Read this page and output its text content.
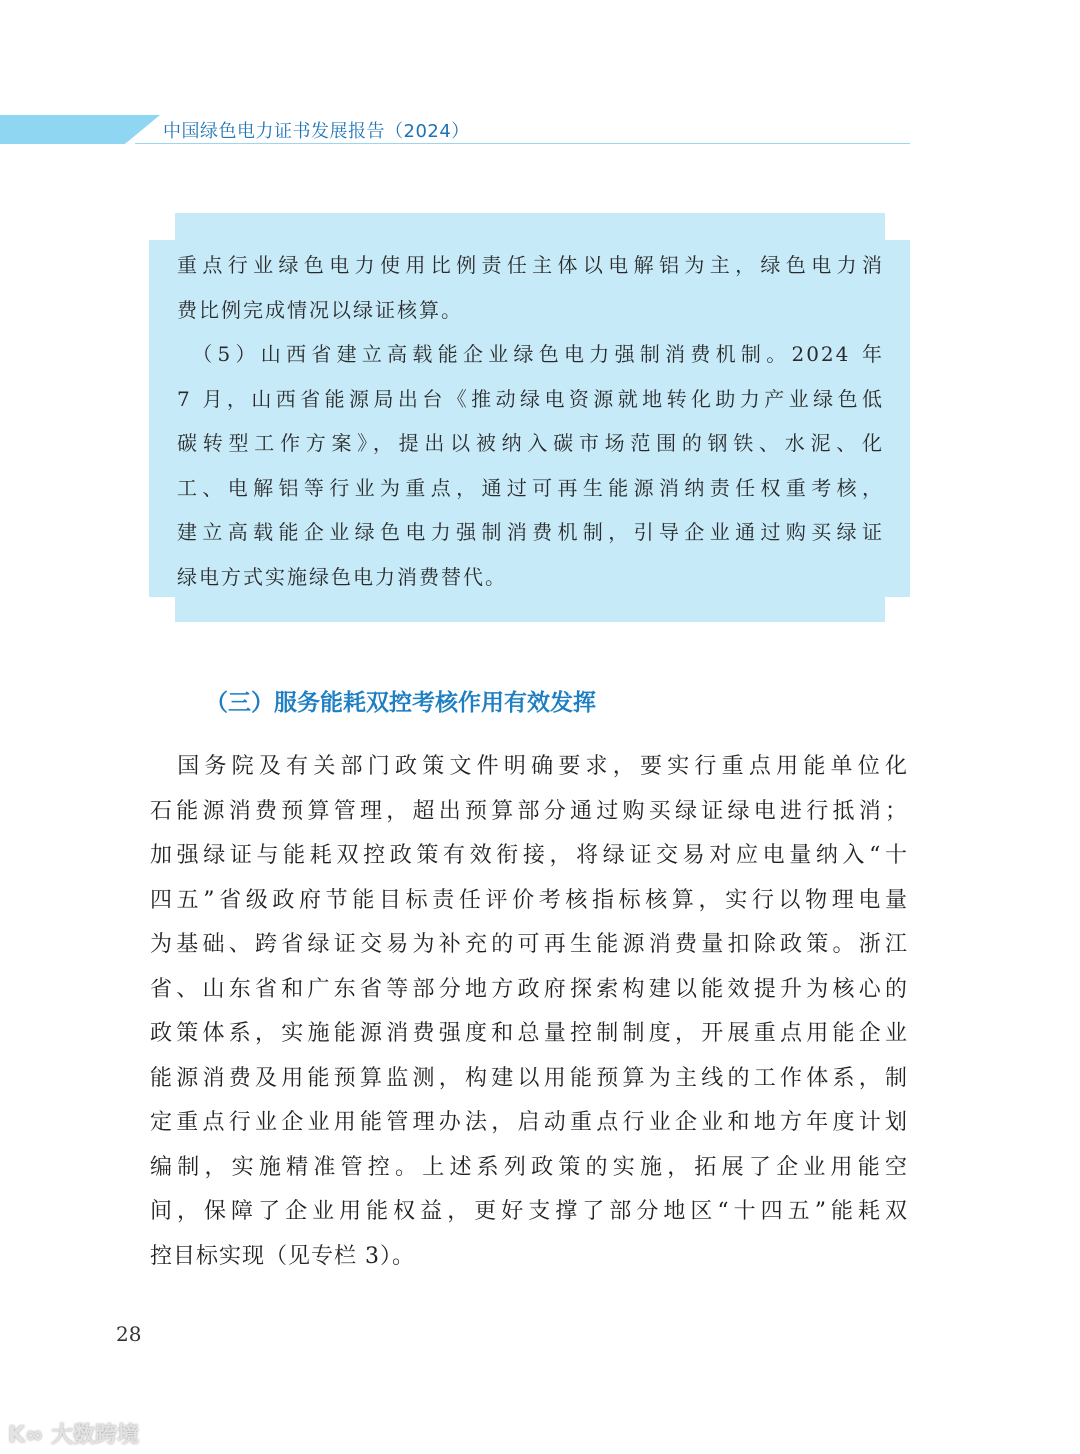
中国绿色电力证书发展报告（2024）
重点行业绿色电力使用比例责任主体以电解铝为主，绿色电力消
费比例完成情况以绿证核算。
　（5）山西省建立高载能企业绿色电力强制消费机制。2024 年
7 月，山西省能源局出台《推动绿电资源就地转化助力产业绿色低
碳转型工作方案》，提出以被纳入碳市场范围的钢铁、水泥、化
工、电解铝等行业为重点，通过可再生能源消纳责任权重考核，
建立高载能企业绿色电力强制消费机制，引导企业通过购买绿证
绿电方式实施绿色电力消费替代。
（三）服务能耗双控考核作用有效发挥
　国务院及有关部门政策文件明确要求，要实行重点用能单位化
石能源消费预算管理，超出预算部分通过购买绿证绿电进行抵消；
加强绿证与能耗双控政策有效衔接，将绿证交易对应电量纳入“十
四五”省级政府节能目标责任评价考核指标核算，实行以物理电量
为基础、跨省绿证交易为补充的可再生能源消费量扣除政策。浙江
省、山东省和广东省等部分地方政府探索构建以能效提升为核心的
政策体系，实施能源消费强度和总量控制制度，开展重点用能企业
能源消费及用能预算监测，构建以用能预算为主线的工作体系，制
定重点行业企业用能管理办法，启动重点行业企业和地方年度计划
编制，实施精准管控。上述系列政策的实施，拓展了企业用能空
间，保障了企业用能权益，更好支撑了部分地区“十四五”能耗双
控目标实现（见专栏 3）。
28
K∞ 大数跨境
